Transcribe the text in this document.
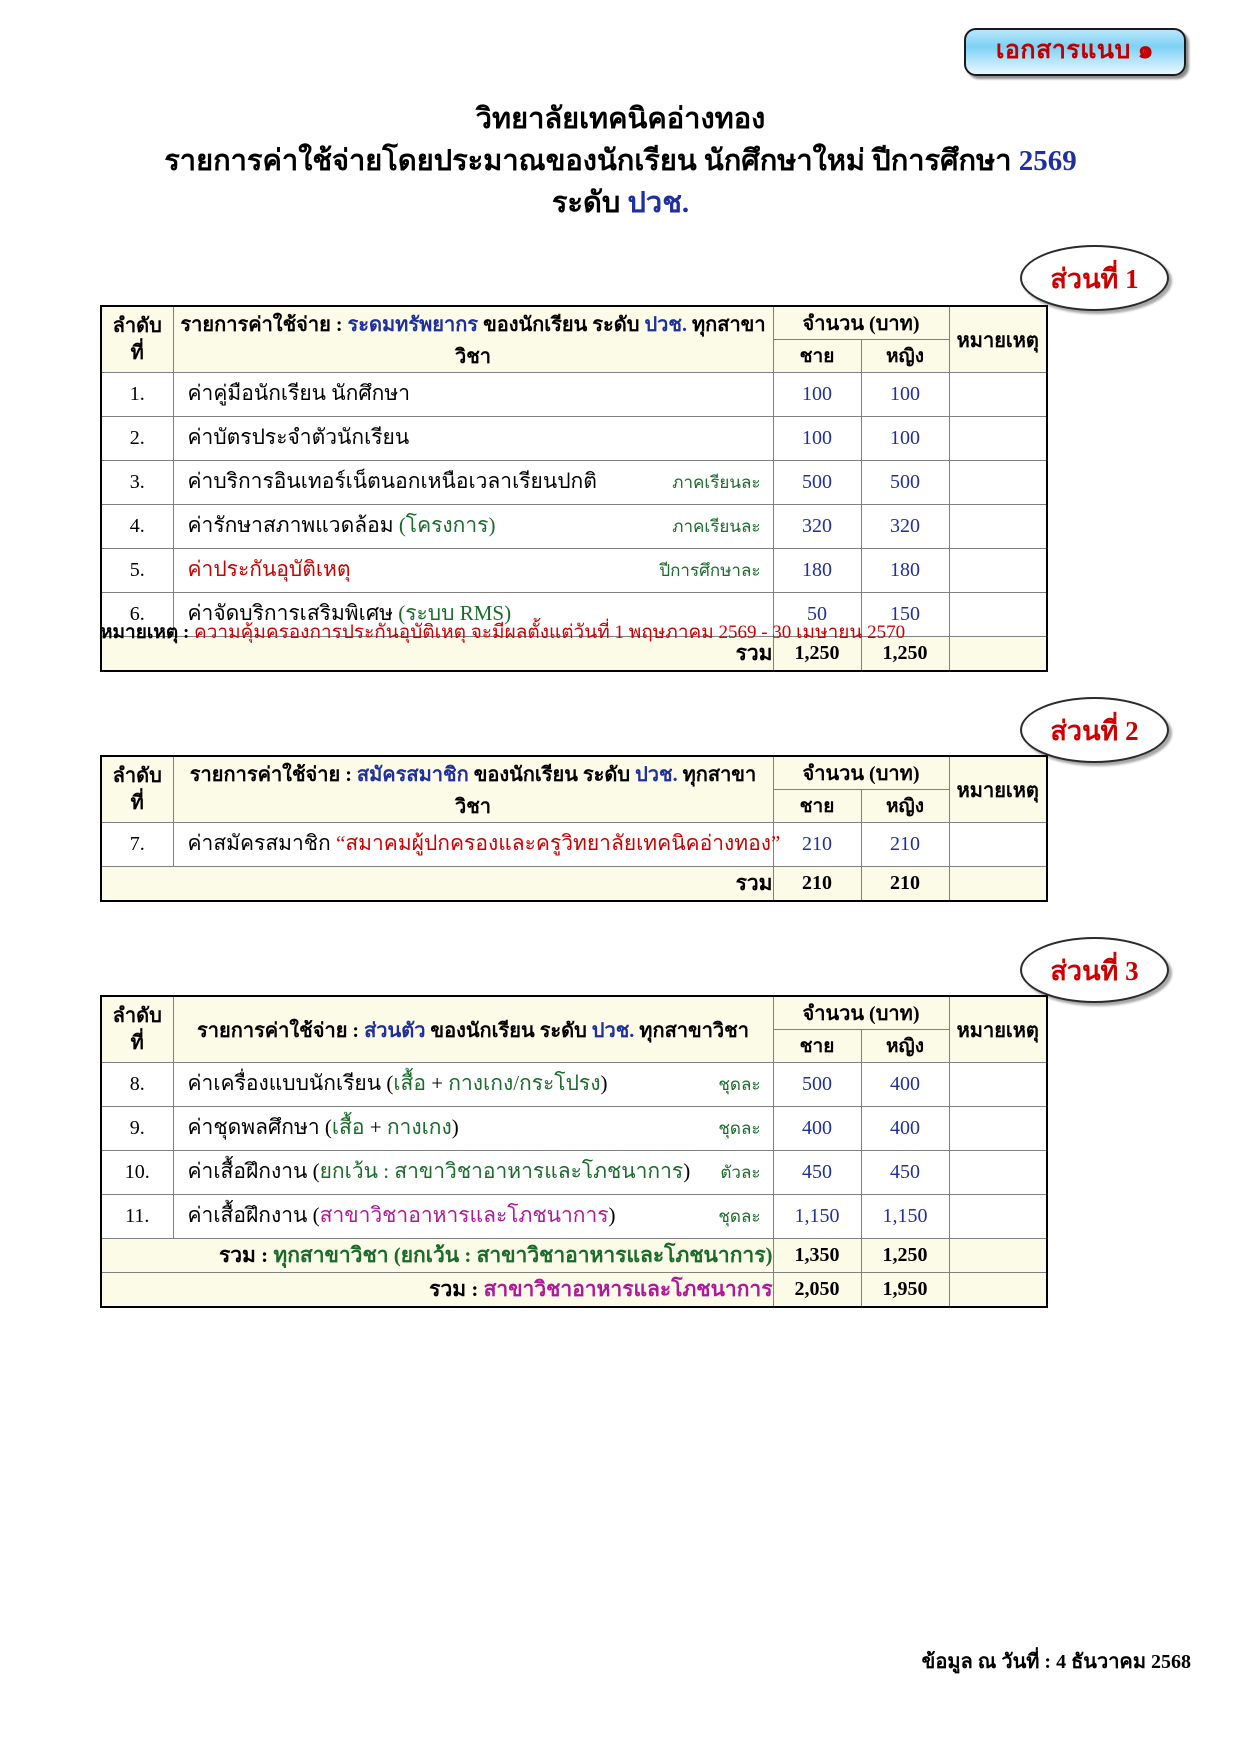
เอกสารแนบ ๑
วิทยาลัยเทคนิคอ่างทอง
รายการค่าใช้จ่ายโดยประมาณของนักเรียน นักศึกษาใหม่ ปีการศึกษา 2569
ระดับ ปวช.
ส่วนที่ 1
ส่วนที่ 2
ส่วนที่ 3
ลำดับ
ที่	รายการค่าใช้จ่าย : ระดมทรัพยากร ของนักเรียน ระดับ ปวช. ทุกสาขาวิชา	จำนวน (บาท)		หมายเหตุ
		ชาย	หญิง	
1.	ค่าคู่มือนักเรียน นักศึกษา	100	100	
2.	ค่าบัตรประจำตัวนักเรียน	100	100	
3.	ค่าบริการอินเทอร์เน็ตนอกเหนือเวลาเรียนปกติ ภาคเรียนละ	500	500	
4.	ค่ารักษาสภาพแวดล้อม (โครงการ) ภาคเรียนละ	320	320	
5.	ค่าประกันอุบัติเหตุ ปีการศึกษาละ	180	180	
6.	ค่าจัดบริการเสริมพิเศษ (ระบบ RMS)	50	150	
รวม		1,250	1,250	
หมายเหตุ : ความคุ้มครองการประกันอุบัติเหตุ จะมีผลตั้งแต่วันที่ 1 พฤษภาคม 2569 - 30 เมษายน 2570
ลำดับ
ที่	รายการค่าใช้จ่าย : สมัครสมาชิก ของนักเรียน ระดับ ปวช. ทุกสาขาวิชา	จำนวน (บาท)		หมายเหตุ
		ชาย	หญิง	
7.	ค่าสมัครสมาชิก “สมาคมผู้ปกครองและครูวิทยาลัยเทคนิคอ่างทอง”	210	210	
รวม		210	210	
ลำดับ
ที่	รายการค่าใช้จ่าย : ส่วนตัว ของนักเรียน ระดับ ปวช. ทุกสาขาวิชา	จำนวน (บาท)		หมายเหตุ
		ชาย	หญิง	
8.	ค่าเครื่องแบบนักเรียน (เสื้อ + กางเกง/กระโปรง) ชุดละ	500	400	
9.	ค่าชุดพลศึกษา (เสื้อ + กางเกง) ชุดละ	400	400	
10.	ค่าเสื้อฝึกงาน (ยกเว้น : สาขาวิชาอาหารและโภชนาการ) ตัวละ	450	450	
11.	ค่าเสื้อฝึกงาน (สาขาวิชาอาหารและโภชนาการ) ชุดละ	1,150	1,150	
รวม : ทุกสาขาวิชา (ยกเว้น : สาขาวิชาอาหารและโภชนาการ)		1,350	1,250	
รวม : สาขาวิชาอาหารและโภชนาการ		2,050	1,950	
ข้อมูล ณ วันที่ : 4 ธันวาคม 2568
